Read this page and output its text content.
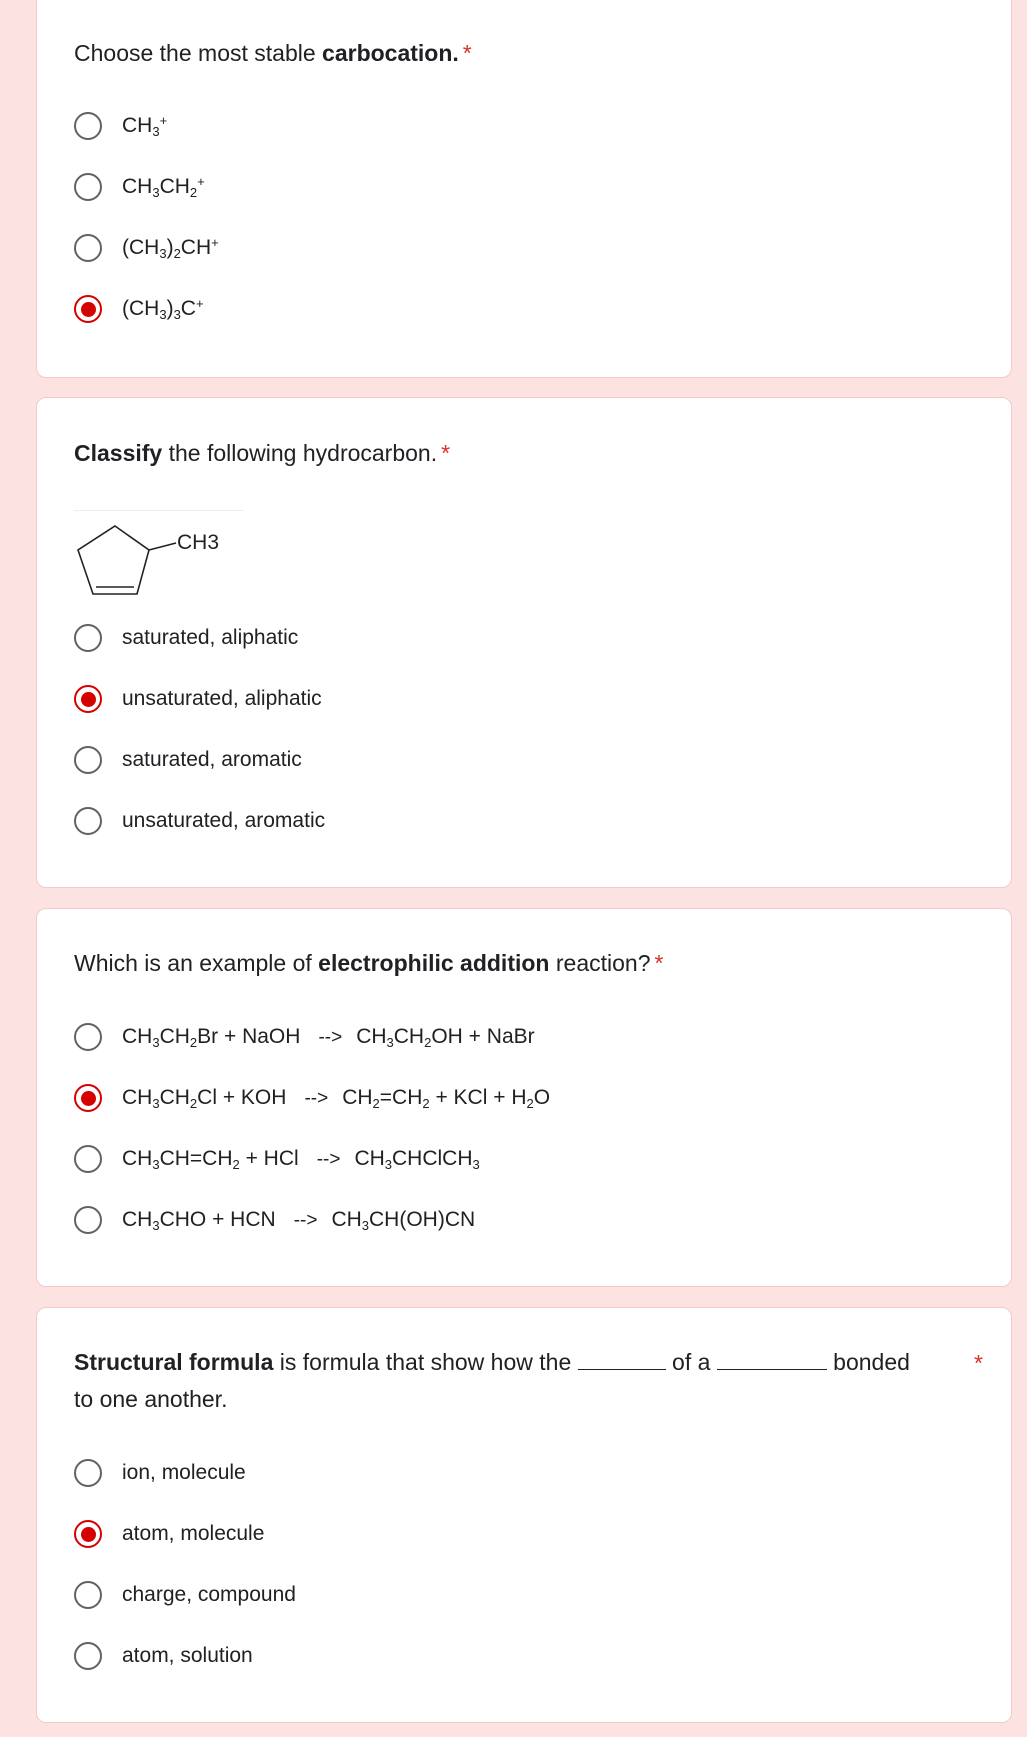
Choose the most stable carbocation. *
$CH_3^+$
$CH_3CH_2^+$
$(CH_3)_2CH^+$
$(CH_3)_3C^+$
Classify the following hydrocarbon. *
CH3
saturated, aliphatic
unsaturated, aliphatic
saturated, aromatic
unsaturated, aromatic
Which is an example of electrophilic addition reaction? *
$CH_3CH_2Br$ + NaOH --> $CH_3CH_2OH$ + NaBr
$CH_3CH_2Cl$ + KOH --> $CH_2=CH_2$ + KCl + $H_2O$
$CH_3CH=CH_2$ + HCl --> $CH_3CHClCH_3$
$CH_3CHO$ + HCN --> $CH_3CH(OH)CN$
Structural formula is formula that show how the	of a	bonded
to one another.
*
ion, molecule
atom, molecule
charge, compound
atom, solution
